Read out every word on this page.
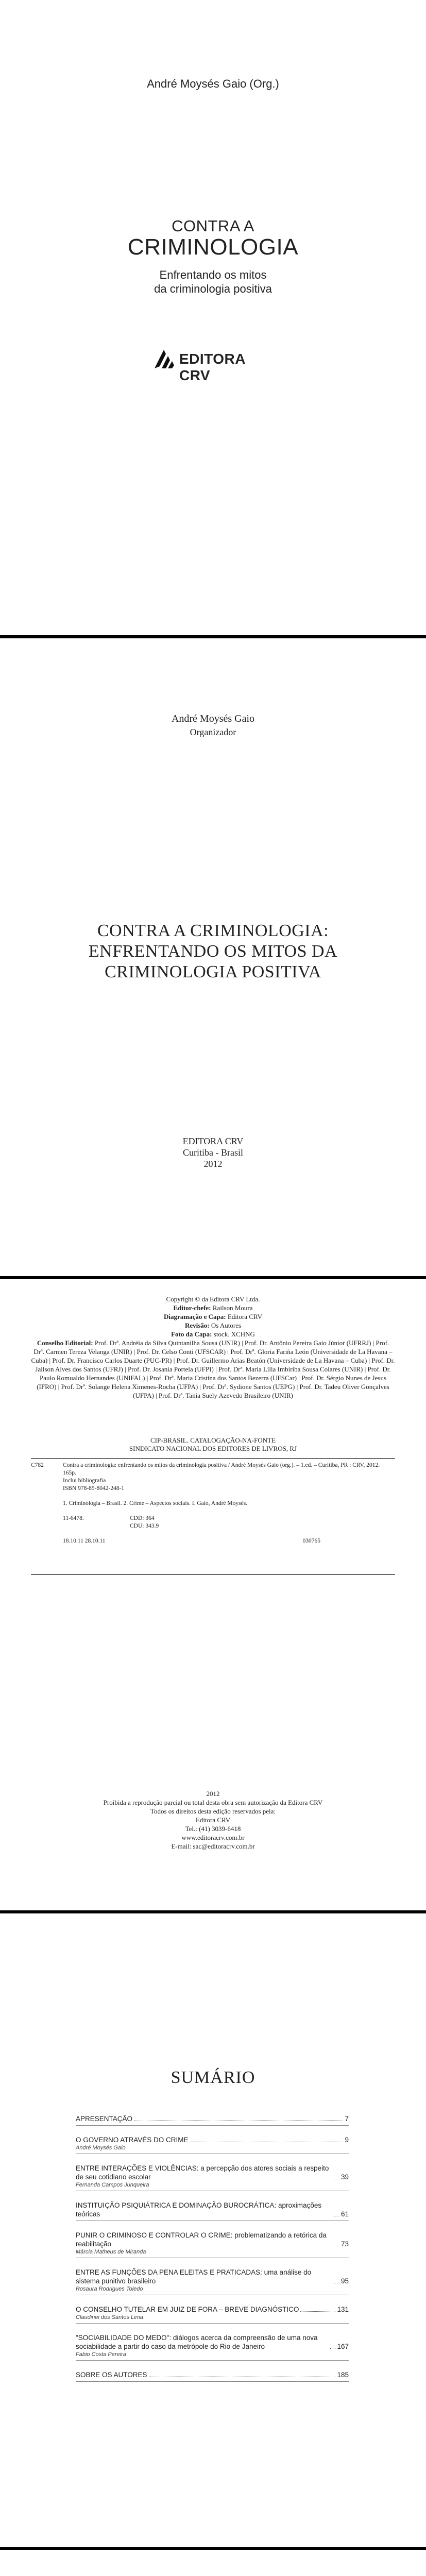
André Moysés Gaio (Org.)
CONTRA A
CRIMINOLOGIA
Enfrentando os mitos
da criminologia positiva
EDITORA CRV
André Moysés Gaio
Organizador
CONTRA A CRIMINOLOGIA:
ENFRENTANDO OS MITOS DA
CRIMINOLOGIA POSITIVA
EDITORA CRV
Curitiba - Brasil
2012
Copyright © da Editora CRV Ltda.
Editor-chefe: Railson Moura
Diagramação e Capa: Editora CRV
Revisão: Os Autores
Foto da Capa: stock. XCHNG
Conselho Editorial: Prof. Drª. Andréia da Silva Quintanilha Sousa (UNIR) | Prof. Dr. Antônio Pereira Gaio Júnior (UFRRJ) | Prof. Drª. Carmen Tereza Velanga (UNIR) | Prof. Dr. Celso Conti (UFSCAR) | Prof. Drª. Gloria Fariña León (Universidade de La Havana – Cuba) | Prof. Dr. Francisco Carlos Duarte (PUC-PR) | Prof. Dr. Guillermo Arias Beatón (Universidade de La Havana – Cuba) | Prof. Dr. Jailson Alves dos Santos (UFRJ) | Prof. Dr. Josania Portela (UFPI) | Prof. Drª. Maria Lília Imbiriba Sousa Colares (UNIR) | Prof. Dr. Paulo Romualdo Hernandes (UNIFAL) | Prof. Drª. Maria Cristina dos Santos Bezerra (UFSCar) | Prof. Dr. Sérgio Nunes de Jesus (IFRO) | Prof. Drª. Solange Helena Ximenes-Rocha (UFPA) | Prof. Drª. Sydione Santos (UEPG) | Prof. Dr. Tadeu Oliver Gonçalves (UFPA) | Prof. Drª. Tania Suely Azevedo Brasileiro (UNIR)
CIP-BRASIL. CATALOGAÇÃO-NA-FONTE
SINDICATO NACIONAL DOS EDITORES DE LIVROS, RJ
C782	Contra a criminologia: enfrentando os mitos da criminologia positiva / André Moysés Gaio (org.). – 1.ed. – Curitiba, PR : CRV, 2012.
165p.
Inclui bibliografia
ISBN 978-85-8042-248-1
1. Criminologia – Brasil. 2. Crime – Aspectos sociais. I. Gaio, André Moysés.
11-6478.	CDD: 364
CDU: 343.9
18.10.11 28.10.11	030765
2012
Proibida a reprodução parcial ou total desta obra sem autorização da Editora CRV
Todos os direitos desta edição reservados pela:
Editora CRV
Tel.: (41) 3039-6418
www.editoracrv.com.br
E-mail: sac@editoracrv.com.br
SUMÁRIO
APRESENTAÇÃO	7
O GOVERNO ATRAVÉS DO CRIME	9
André Moysés Gaio
ENTRE INTERAÇÕES E VIOLÊNCIAS: a percepção dos atores sociais a respeito de seu cotidiano escolar	39
Fernanda Campos Junqueira
INSTITUIÇÃO PSIQUIÁTRICA E DOMINAÇÃO BUROCRÁTICA: aproximações teóricas	61
PUNIR O CRIMINOSO E CONTROLAR O CRIME: problematizando a retórica da reabilitação	73
Márcia Matheus de Miranda
ENTRE AS FUNÇÕES DA PENA ELEITAS E PRATICADAS: uma análise do sistema punitivo brasileiro	95
Rosaura Rodrigues Toledo
O CONSELHO TUTELAR EM JUIZ DE FORA – BREVE DIAGNÓSTICO	131
Claudinei dos Santos Lima
"SOCIABILIDADE DO MEDO": diálogos acerca da compreensão de uma nova sociabilidade a partir do caso da metrópole do Rio de Janeiro	167
Fabio Costa Pereira
SOBRE OS AUTORES	185
